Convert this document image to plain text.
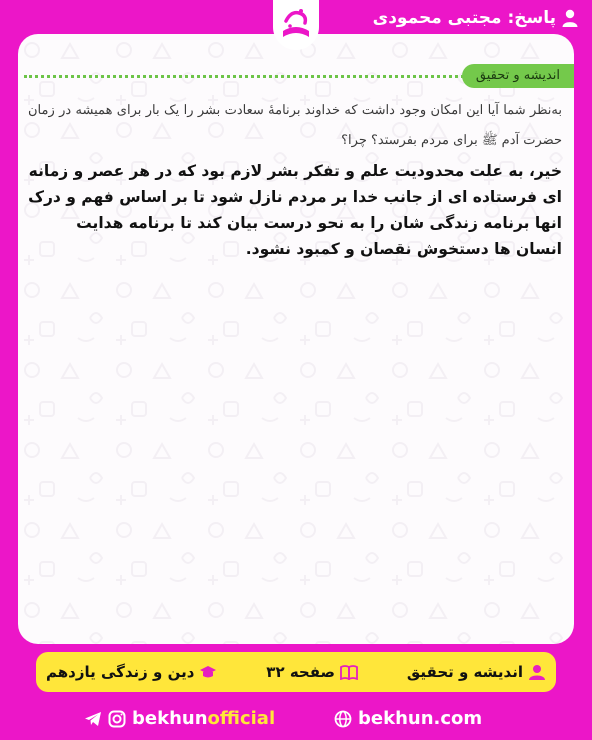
پاسخ: مجتبی محمودی
اندیشه و تحقیق
به‌نظر شما آیا این امکان وجود داشت که خداوند برنامۀ سعادت بشر را یک بار برای همیشه در زمان حضرت آدم ﷺ برای مردم بفرستد؟ چرا؟
خیر، به علت محدودیت علم و تفکر بشر لازم بود که در هر عصر و زمانه ای فرستاده ای از جانب خدا بر مردم نازل شود تا بر اساس فهم و درک انها برنامه زندگی شان را به نحو درست بیان کند تا برنامه هدایت انسان ها دستخوش نقصان و کمبود نشود.
اندیشه و تحقیق
صفحه ۳۲
دین و زندگی یازدهم
bekhunofficial	bekhun.com
